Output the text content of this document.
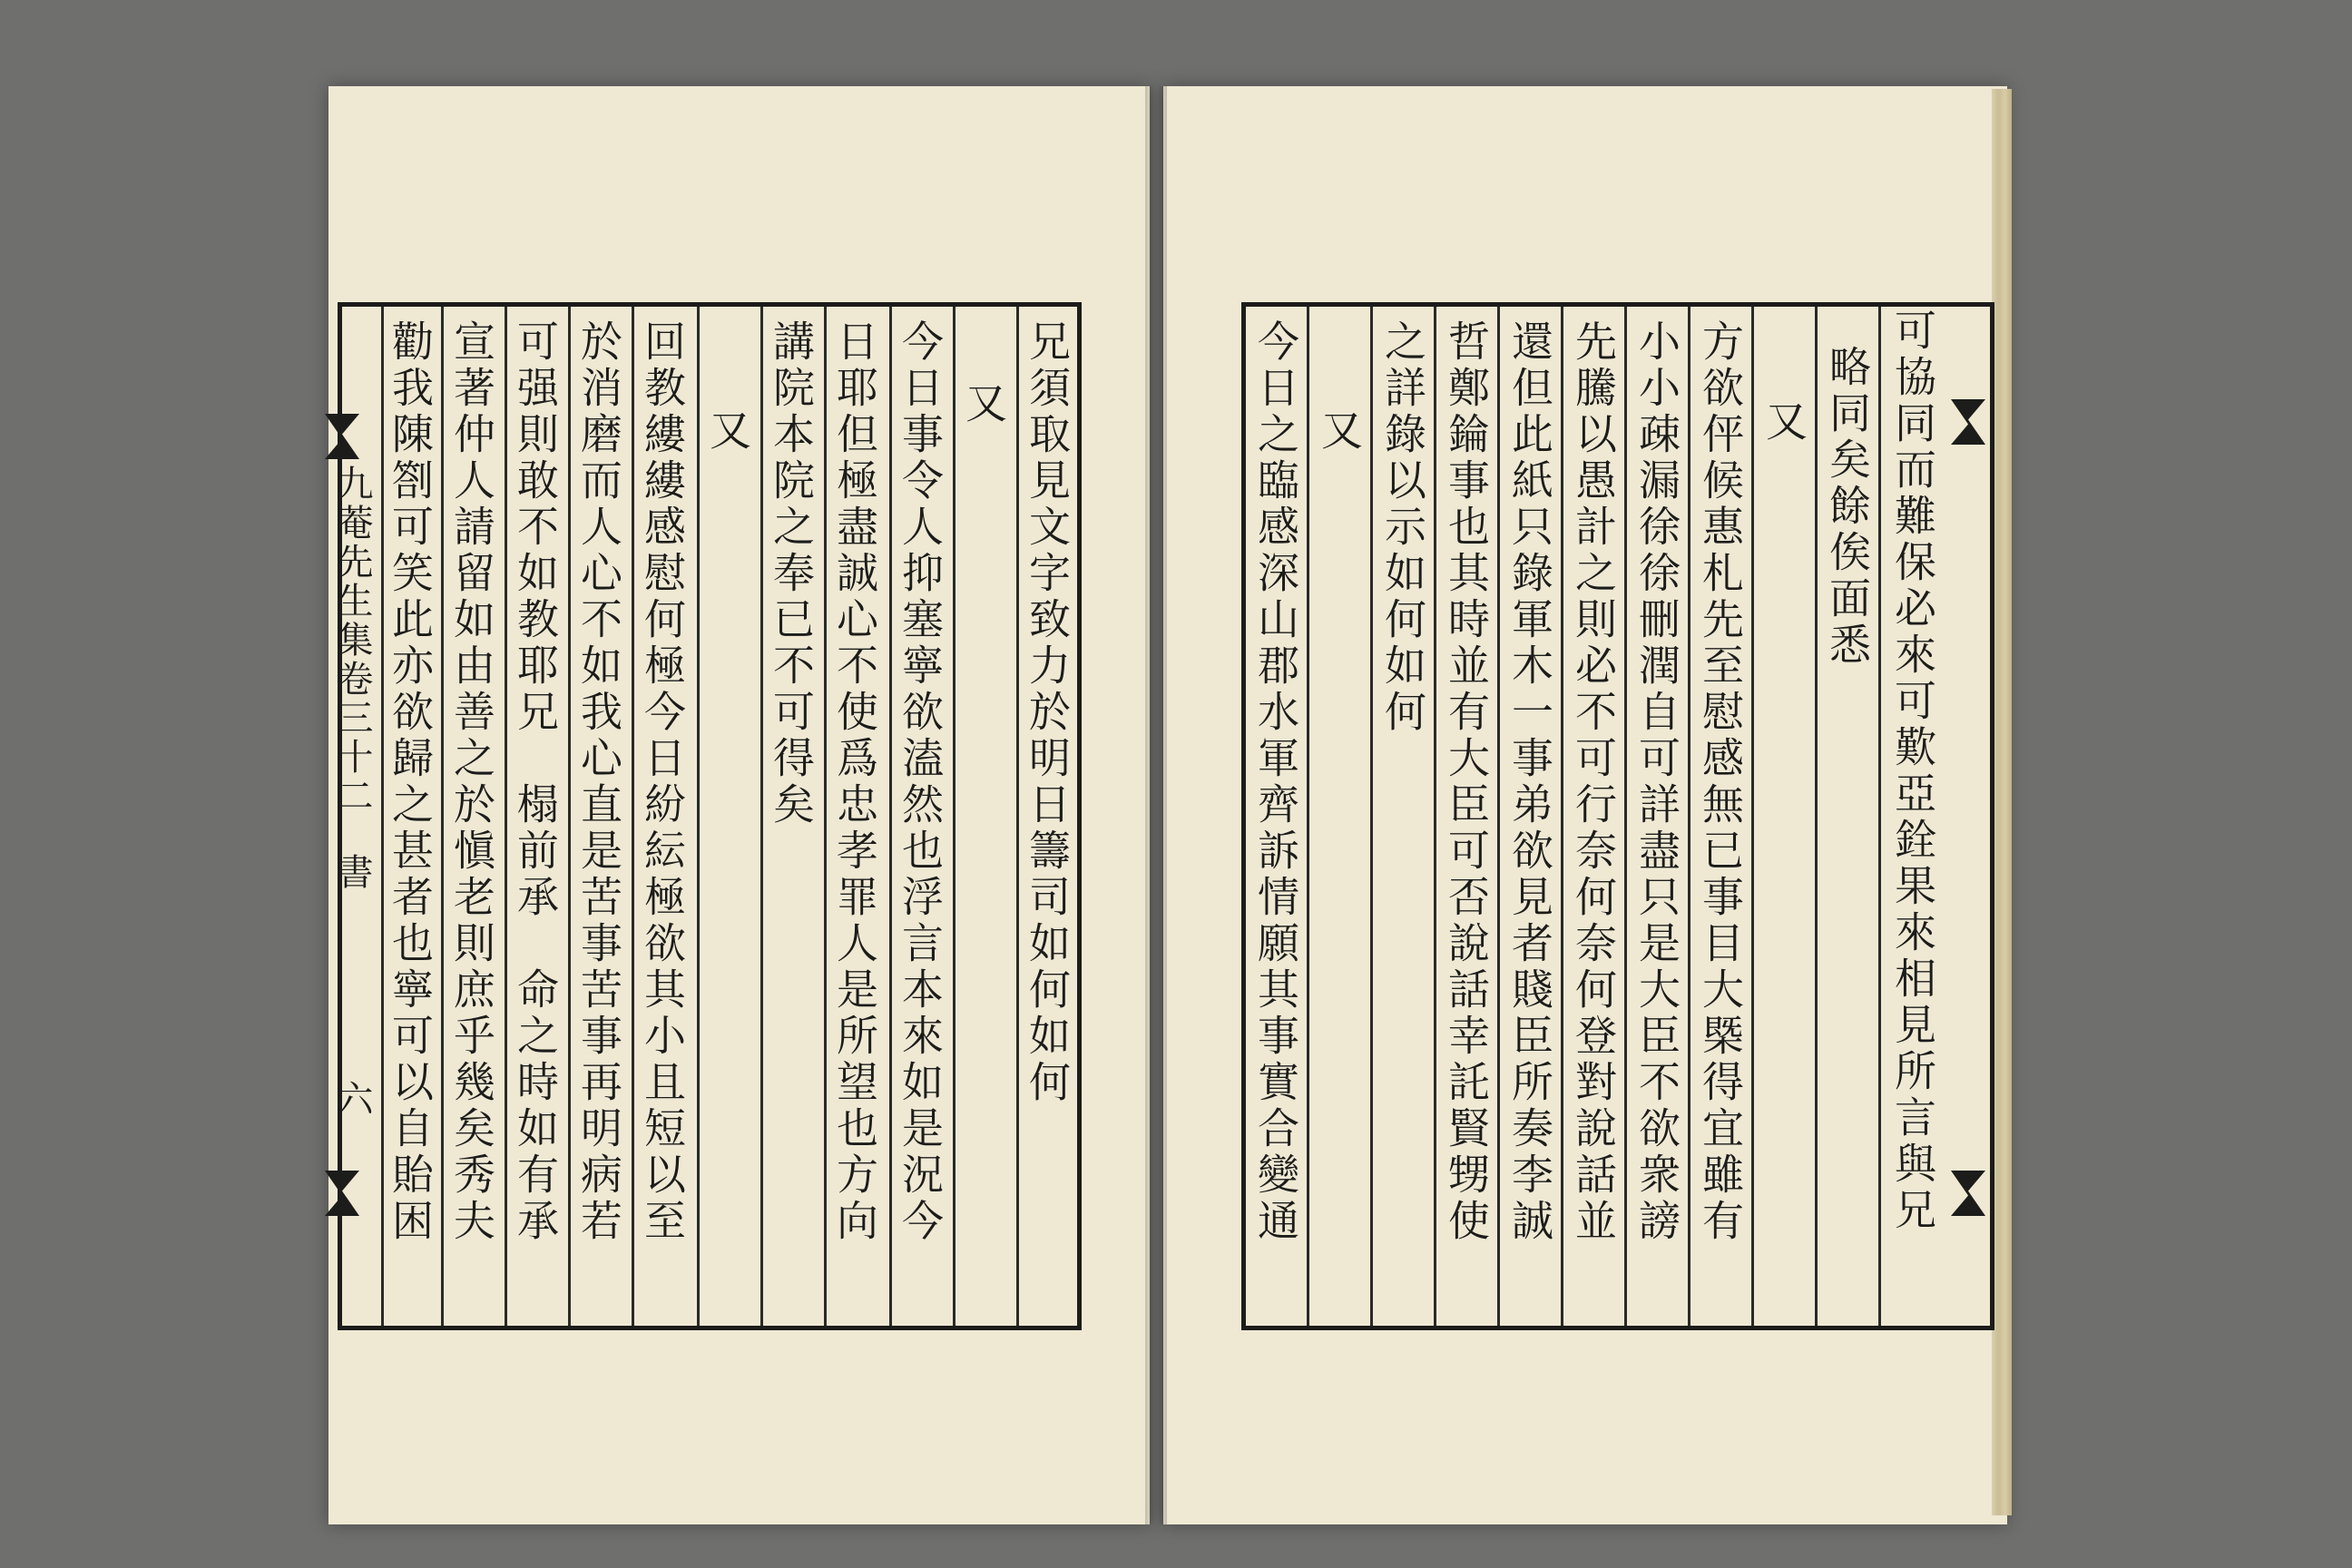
兄須取見文字致力於明日籌司如何如何
又
今日事令人抑塞寧欲溘然也浮言本來如是況今
日耶但極盡誠心不使爲忠孝罪人是所望也方向
講院本院之奉已不可得矣
又
回教縷縷感慰何極今日紛紜極欲其小且短以至
於消磨而人心不如我心直是苦事苦事再明病若
可强則敢不如教耶兄　榻前承　命之時如有承
宣著仲人請留如由善之於愼老則庶乎幾矣秀夫
勸我陳劄可笑此亦欲歸之甚者也寧可以自貽困
九菴先生集卷三十二
書
六	可協同而難保必來可歎亞銓果來相見所言與兄
略同矣餘俟面悉
又
方欲伻候惠札先至慰感無已事目大槩得宜雖有
小小疎漏徐徐刪潤自可詳盡只是大臣不欲衆謗
先騰以愚計之則必不可行奈何奈何登對說話並
還但此紙只錄軍木一事弟欲見者賤臣所奏李誠
哲鄭錀事也其時並有大臣可否說話幸託賢甥使
之詳錄以示如何如何
又
今日之臨感深山郡水軍齊訴情願其事實合變通
